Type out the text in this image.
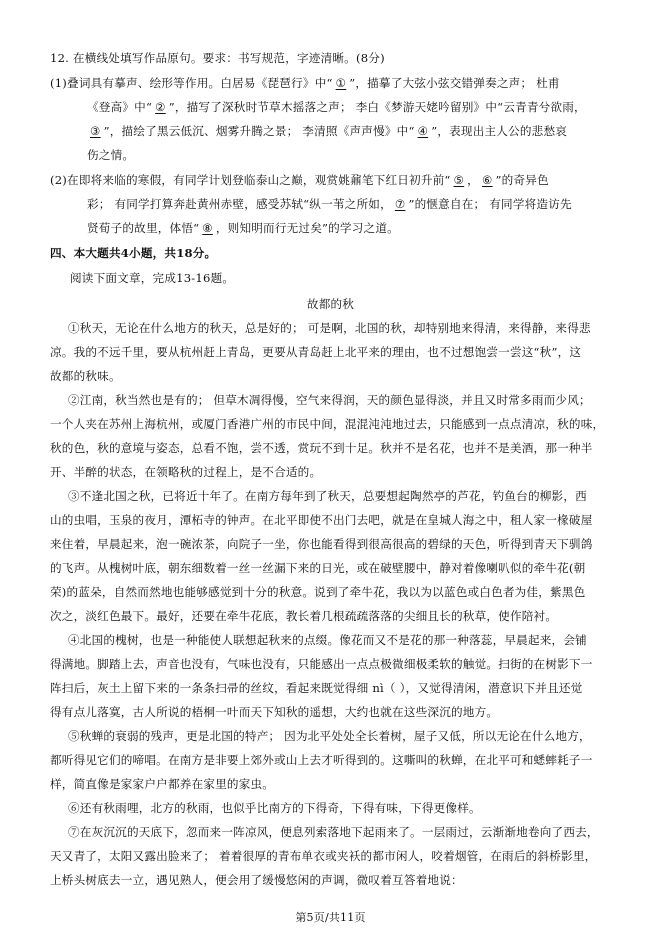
12. 在横线处填写作品原句。要求：书写规范，字迹清晰。(8分)
(1)叠词具有摹声、绘形等作用。白居易《琵琶行》中“①”，描摹了大弦小弦交错弹奏之声； 杜甫
《登高》中“②”，描写了深秋时节草木摇落之声； 李白《梦游天姥吟留别》中“云青青兮欲雨，
③”，描绘了黑云低沉、烟雾升腾之景； 李清照《声声慢》中“④”，表现出主人公的悲愁哀
伤之情。
(2)在即将来临的寒假，有同学计划登临泰山之巅，观赏姚鼐笔下红日初升前“⑤，⑥”的奇异色
彩； 有同学打算奔赴黄州赤壁，感受苏轼“纵一苇之所如，⑦”的惬意自在； 有同学将造访先
贤荀子的故里，体悟“⑧，则知明而行无过矣”的学习之道。
四、本大题共4小题，共18分。
阅读下面文章，完成13-16题。
故都的秋
①秋天，无论在什么地方的秋天，总是好的； 可是啊，北国的秋，却特别地来得清，来得静，来得悲
凉。我的不远千里，要从杭州赶上青岛，更要从青岛赶上北平来的理由，也不过想饱尝一尝这“秋”，这
故都的秋味。
②江南，秋当然也是有的； 但草木凋得慢，空气来得润，天的颜色显得淡，并且又时常多雨而少风；
一个人夹在苏州上海杭州，或厦门香港广州的市民中间，混混沌沌地过去，只能感到一点点清凉，秋的味，
秋的色，秋的意境与姿态，总看不饱，尝不透，赏玩不到十足。秋并不是名花，也并不是美酒，那一种半
开、半醉的状态，在领略秋的过程上，是不合适的。
③不逢北国之秋，已将近十年了。在南方每年到了秋天，总要想起陶然亭的芦花，钓鱼台的柳影，西
山的虫唱，玉泉的夜月，潭柘寺的钟声。在北平即使不出门去吧，就是在皇城人海之中，租人家一椽破屋
来住着，早晨起来，泡一碗浓茶，向院子一坐，你也能看得到很高很高的碧绿的天色，听得到青天下驯鸽
的飞声。从槐树叶底，朝东细数着一丝一丝漏下来的日光，或在破壁腰中，静对着像喇叭似的牵牛花(朝
荣)的蓝朵，自然而然地也能够感觉到十分的秋意。说到了牵牛花，我以为以蓝色或白色者为佳，紫黑色
次之，淡红色最下。最好，还要在牵牛花底，教长着几根疏疏落落的尖细且长的秋草，使作陪衬。
④北国的槐树，也是一种能使人联想起秋来的点缀。像花而又不是花的那一种落蕊，早晨起来，会铺
得满地。脚踏上去，声音也没有，气味也没有，只能感出一点点极微细极柔软的触觉。扫街的在树影下一
阵扫后，灰土上留下来的一条条扫帚的丝纹，看起来既觉得细 nì（ ），又觉得清闲，潜意识下并且还觉
得有点儿落寞，古人所说的梧桐一叶而天下知秋的遥想，大约也就在这些深沉的地方。
⑤秋蝉的衰弱的残声，更是北国的特产； 因为北平处处全长着树，屋子又低，所以无论在什么地方，
都听得见它们的啼唱。在南方是非要上郊外或山上去才听得到的。这嘶叫的秋蝉，在北平可和蟋蟀耗子一
样，简直像是家家户户都养在家里的家虫。
⑥还有秋雨哩，北方的秋雨，也似乎比南方的下得奇，下得有味，下得更像样。
⑦在灰沉沉的天底下，忽而来一阵凉风，便息列索落地下起雨来了。一层雨过，云渐渐地卷向了西去，
天又青了，太阳又露出脸来了； 着着很厚的青布单衣或夹袄的都市闲人，咬着烟管，在雨后的斜桥影里，
上桥头树底去一立，遇见熟人，便会用了缓慢悠闲的声调，微叹着互答着地说：
第5页/共11页
